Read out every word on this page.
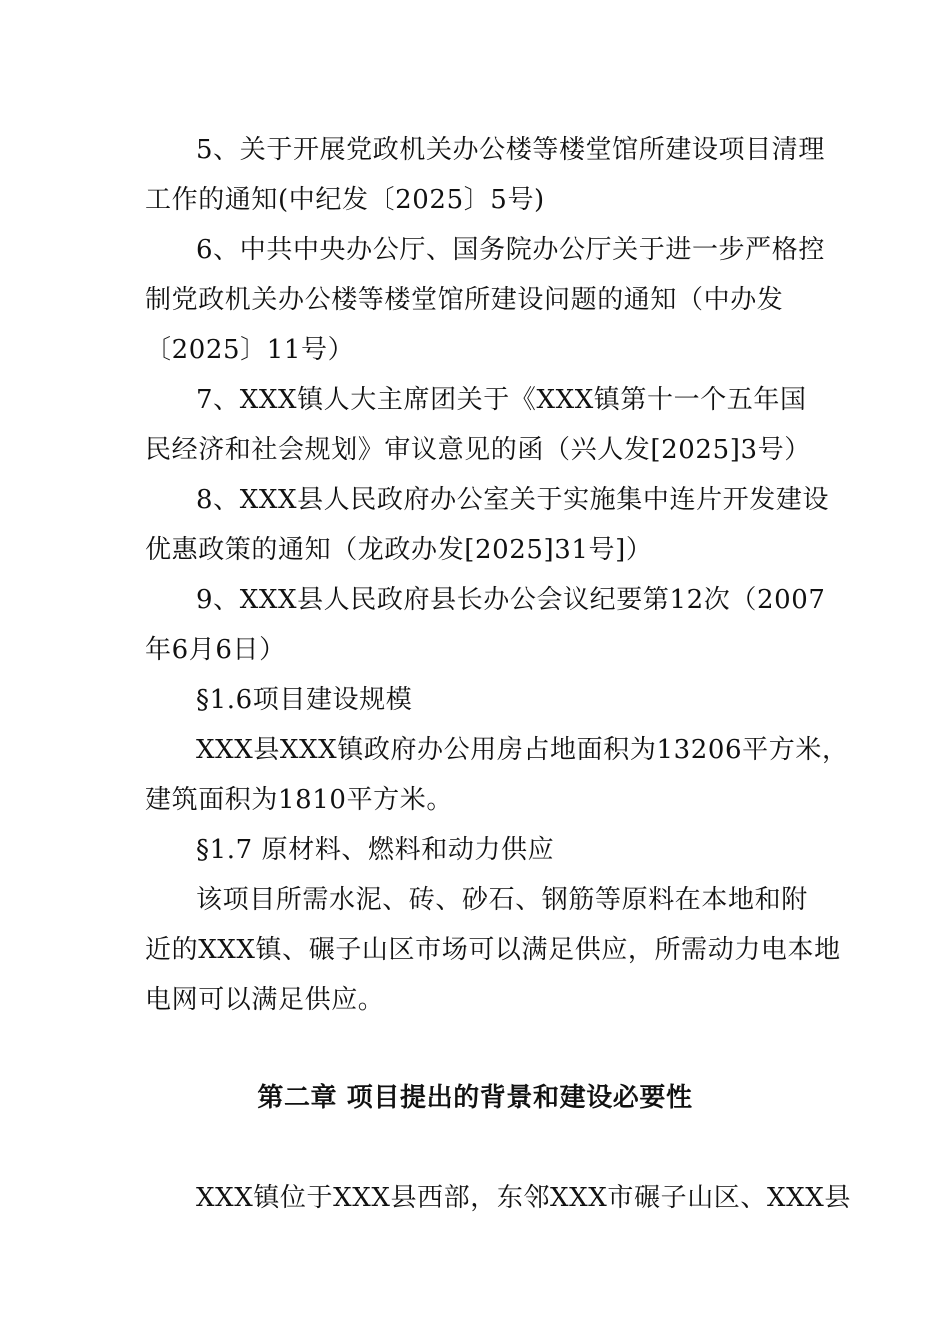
5、关于开展党政机关办公楼等楼堂馆所建设项目清理
工作的通知(中纪发〔2025〕5号)
6、中共中央办公厅、国务院办公厅关于进一步严格控
制党政机关办公楼等楼堂馆所建设问题的通知（中办发
〔2025〕11号）
7、XXX镇人大主席团关于《XXX镇第十一个五年国
民经济和社会规划》审议意见的函（兴人发[2025]3号）
8、XXX县人民政府办公室关于实施集中连片开发建设
优惠政策的通知（龙政办发[2025]31号]）
9、XXX县人民政府县长办公会议纪要第12次（2007
年6月6日）
§1.6项目建设规模
XXX县XXX镇政府办公用房占地面积为13206平方米，
建筑面积为1810平方米。
§1.7 原材料、燃料和动力供应
该项目所需水泥、砖、砂石、钢筋等原料在本地和附
近的XXX镇、碾子山区市场可以满足供应，所需动力电本地
电网可以满足供应。
第二章 项目提出的背景和建设必要性
XXX镇位于XXX县西部，东邻XXX市碾子山区、XXX县
